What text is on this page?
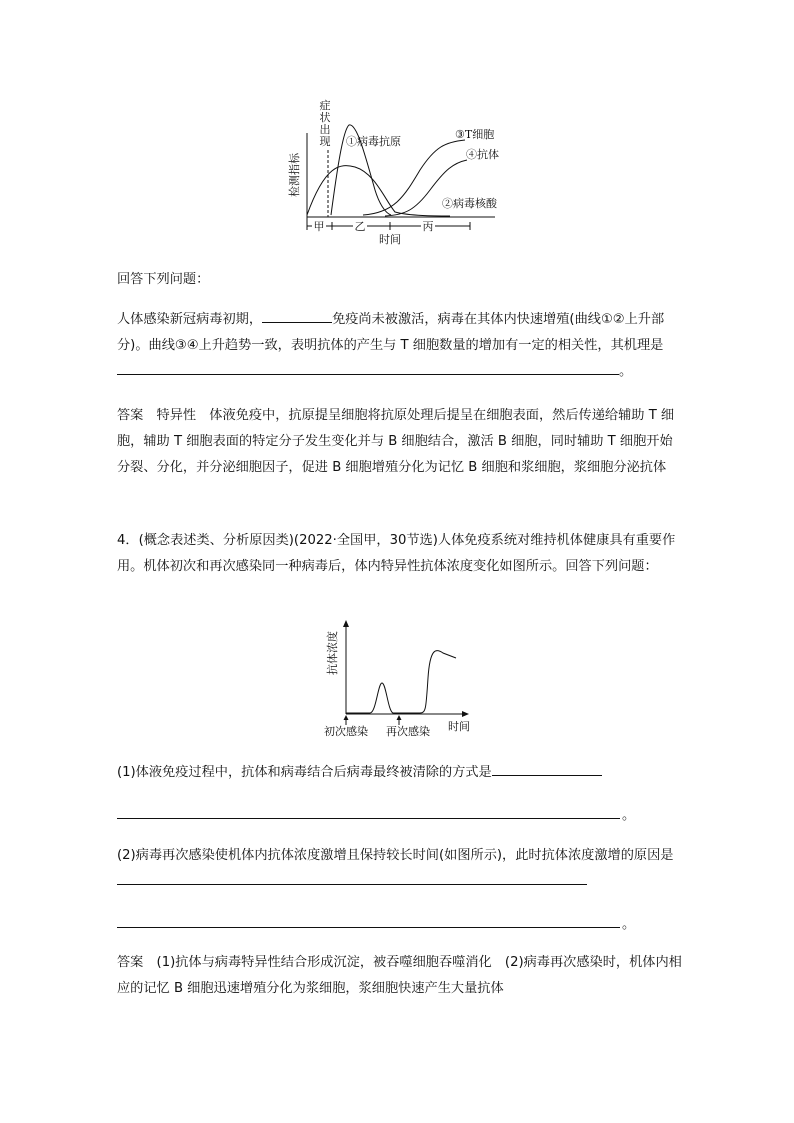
症
状
出
现
检测指标
①病毒抗原
③T细胞
④抗体
②病毒核酸
甲	乙	丙
时间

回答下列问题：

人体感染新冠病毒初期，	免疫尚未被激活，病毒在其体内快速增殖(曲线①②上升部分)。曲线③④上升趋势一致，表明抗体的产生与 T 细胞数量的增加有一定的相关性，其机理是。

答案　特异性　体液免疫中，抗原提呈细胞将抗原处理后提呈在细胞表面，然后传递给辅助 T 细胞，辅助 T 细胞表面的特定分子发生变化并与 B 细胞结合，激活 B 细胞，同时辅助 T 细胞开始分裂、分化，并分泌细胞因子，促进 B 细胞增殖分化为记忆 B 细胞和浆细胞，浆细胞分泌抗体

4．(概念表述类、分析原因类)(2022·全国甲，30节选)人体免疫系统对维持机体健康具有重要作用。机体初次和再次感染同一种病毒后，体内特异性抗体浓度变化如图所示。回答下列问题：

抗体浓度
初次感染 再次感染 时间

(1)体液免疫过程中，抗体和病毒结合后病毒最终被清除的方式是

。

(2)病毒再次感染使机体内抗体浓度激增且保持较长时间(如图所示)，此时抗体浓度激增的原因是

。

答案　(1)抗体与病毒特异性结合形成沉淀，被吞噬细胞吞噬消化　(2)病毒再次感染时，机体内相应的记忆 B 细胞迅速增殖分化为浆细胞，浆细胞快速产生大量抗体
